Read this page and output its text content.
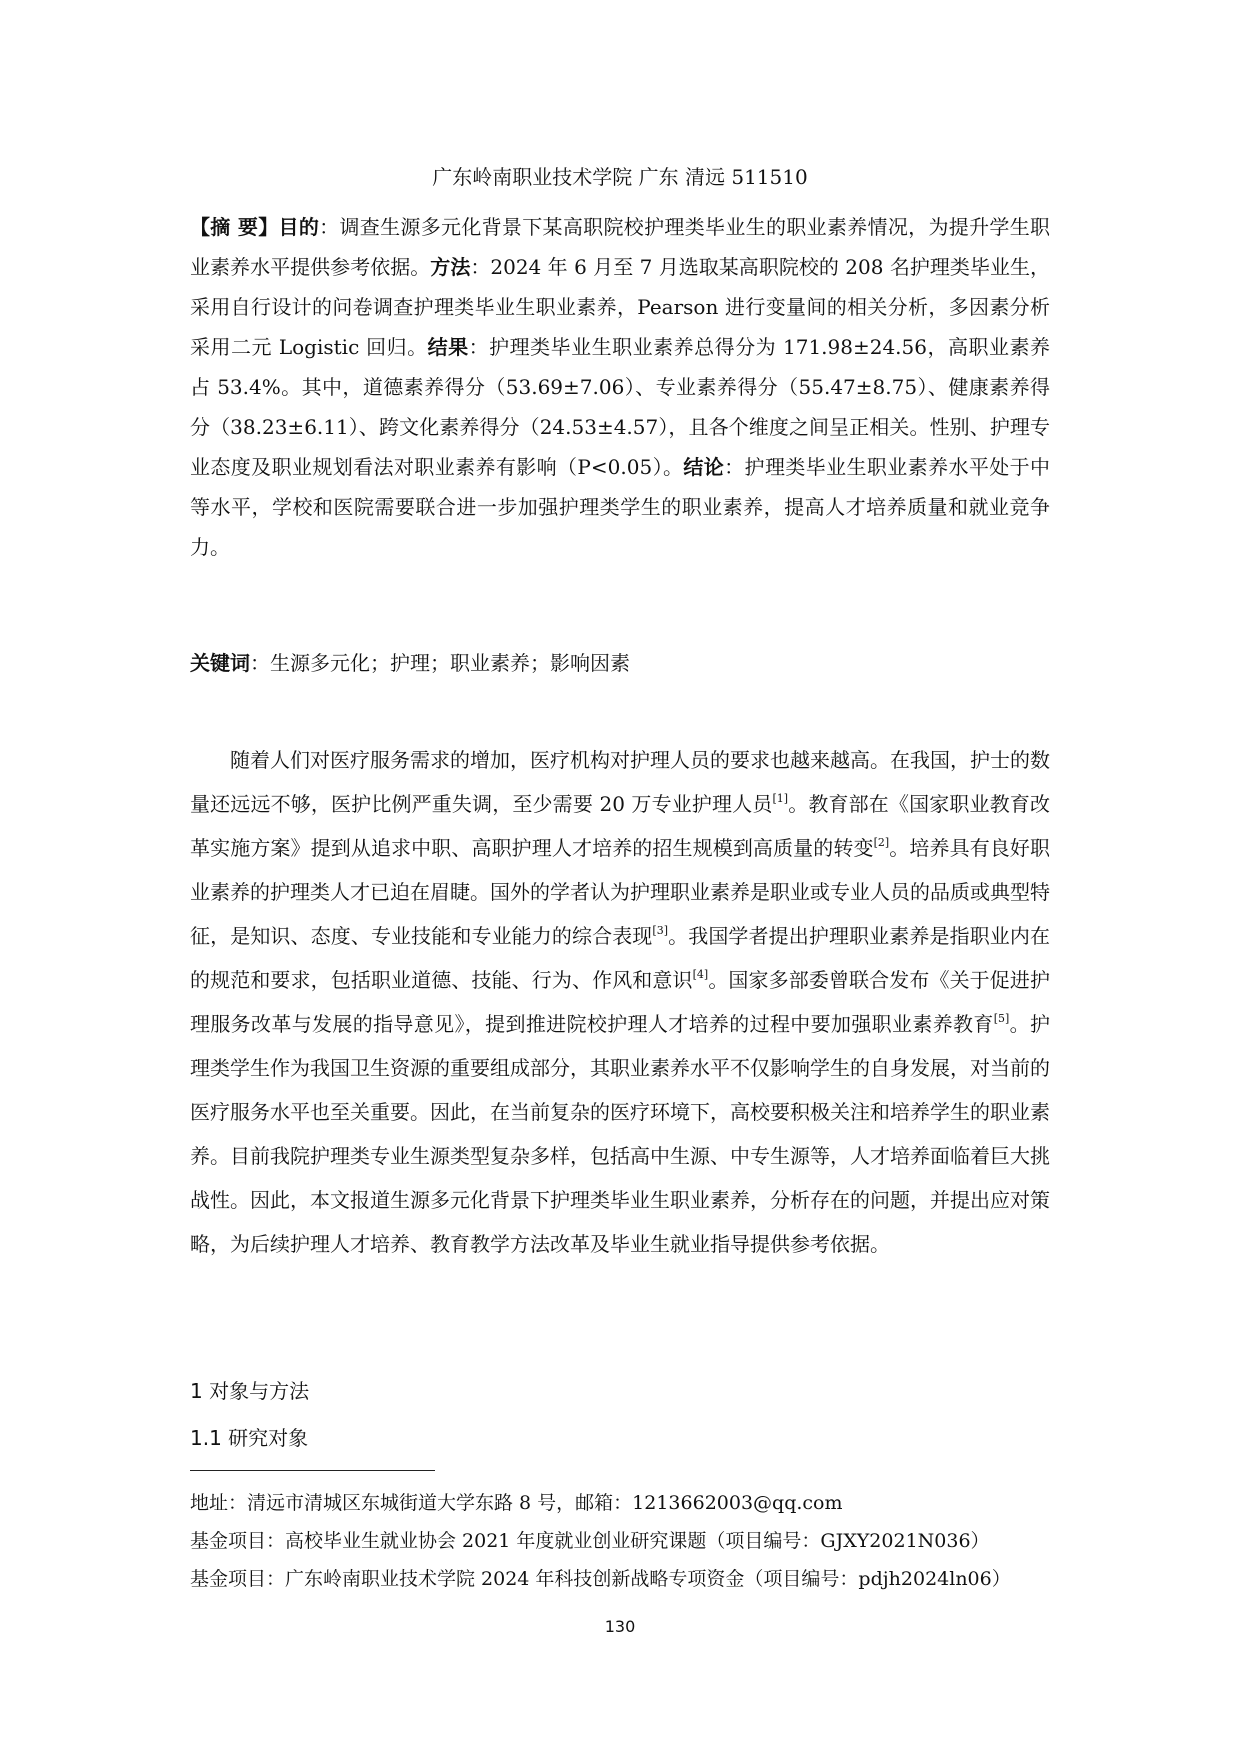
广东岭南职业技术学院 广东 清远 511510

【摘 要】目的：调查生源多元化背景下某高职院校护理类毕业生的职业素养情况，为提升学生职业素养水平提供参考依据。方法：2024 年 6 月至 7 月选取某高职院校的 208 名护理类毕业生，采用自行设计的问卷调查护理类毕业生职业素养，Pearson 进行变量间的相关分析，多因素分析采用二元 Logistic 回归。结果：护理类毕业生职业素养总得分为 171.98±24.56，高职业素养占 53.4%。其中，道德素养得分（53.69±7.06）、专业素养得分（55.47±8.75）、健康素养得分（38.23±6.11）、跨文化素养得分（24.53±4.57），且各个维度之间呈正相关。性别、护理专业态度及职业规划看法对职业素养有影响（P<0.05）。结论：护理类毕业生职业素养水平处于中等水平，学校和医院需要联合进一步加强护理类学生的职业素养，提高人才培养质量和就业竞争力。

关键词：生源多元化；护理；职业素养；影响因素

随着人们对医疗服务需求的增加，医疗机构对护理人员的要求也越来越高。在我国，护士的数量还远远不够，医护比例严重失调，至少需要 20 万专业护理人员[1]。教育部在《国家职业教育改革实施方案》提到从追求中职、高职护理人才培养的招生规模到高质量的转变[2]。培养具有良好职业素养的护理类人才已迫在眉睫。国外的学者认为护理职业素养是职业或专业人员的品质或典型特征，是知识、态度、专业技能和专业能力的综合表现[3]。我国学者提出护理职业素养是指职业内在的规范和要求，包括职业道德、技能、行为、作风和意识[4]。国家多部委曾联合发布《关于促进护理服务改革与发展的指导意见》，提到推进院校护理人才培养的过程中要加强职业素养教育[5]。护理类学生作为我国卫生资源的重要组成部分，其职业素养水平不仅影响学生的自身发展，对当前的医疗服务水平也至关重要。因此，在当前复杂的医疗环境下，高校要积极关注和培养学生的职业素养。目前我院护理类专业生源类型复杂多样，包括高中生源、中专生源等，人才培养面临着巨大挑战性。因此，本文报道生源多元化背景下护理类毕业生职业素养，分析存在的问题，并提出应对策略，为后续护理人才培养、教育教学方法改革及毕业生就业指导提供参考依据。

1 对象与方法
1.1 研究对象
地址：清远市清城区东城街道大学东路 8 号，邮箱：1213662003@qq.com
基金项目：高校毕业生就业协会 2021 年度就业创业研究课题（项目编号：GJXY2021N036）
基金项目：广东岭南职业技术学院 2024 年科技创新战略专项资金（项目编号：pdjh2024ln06）
130
